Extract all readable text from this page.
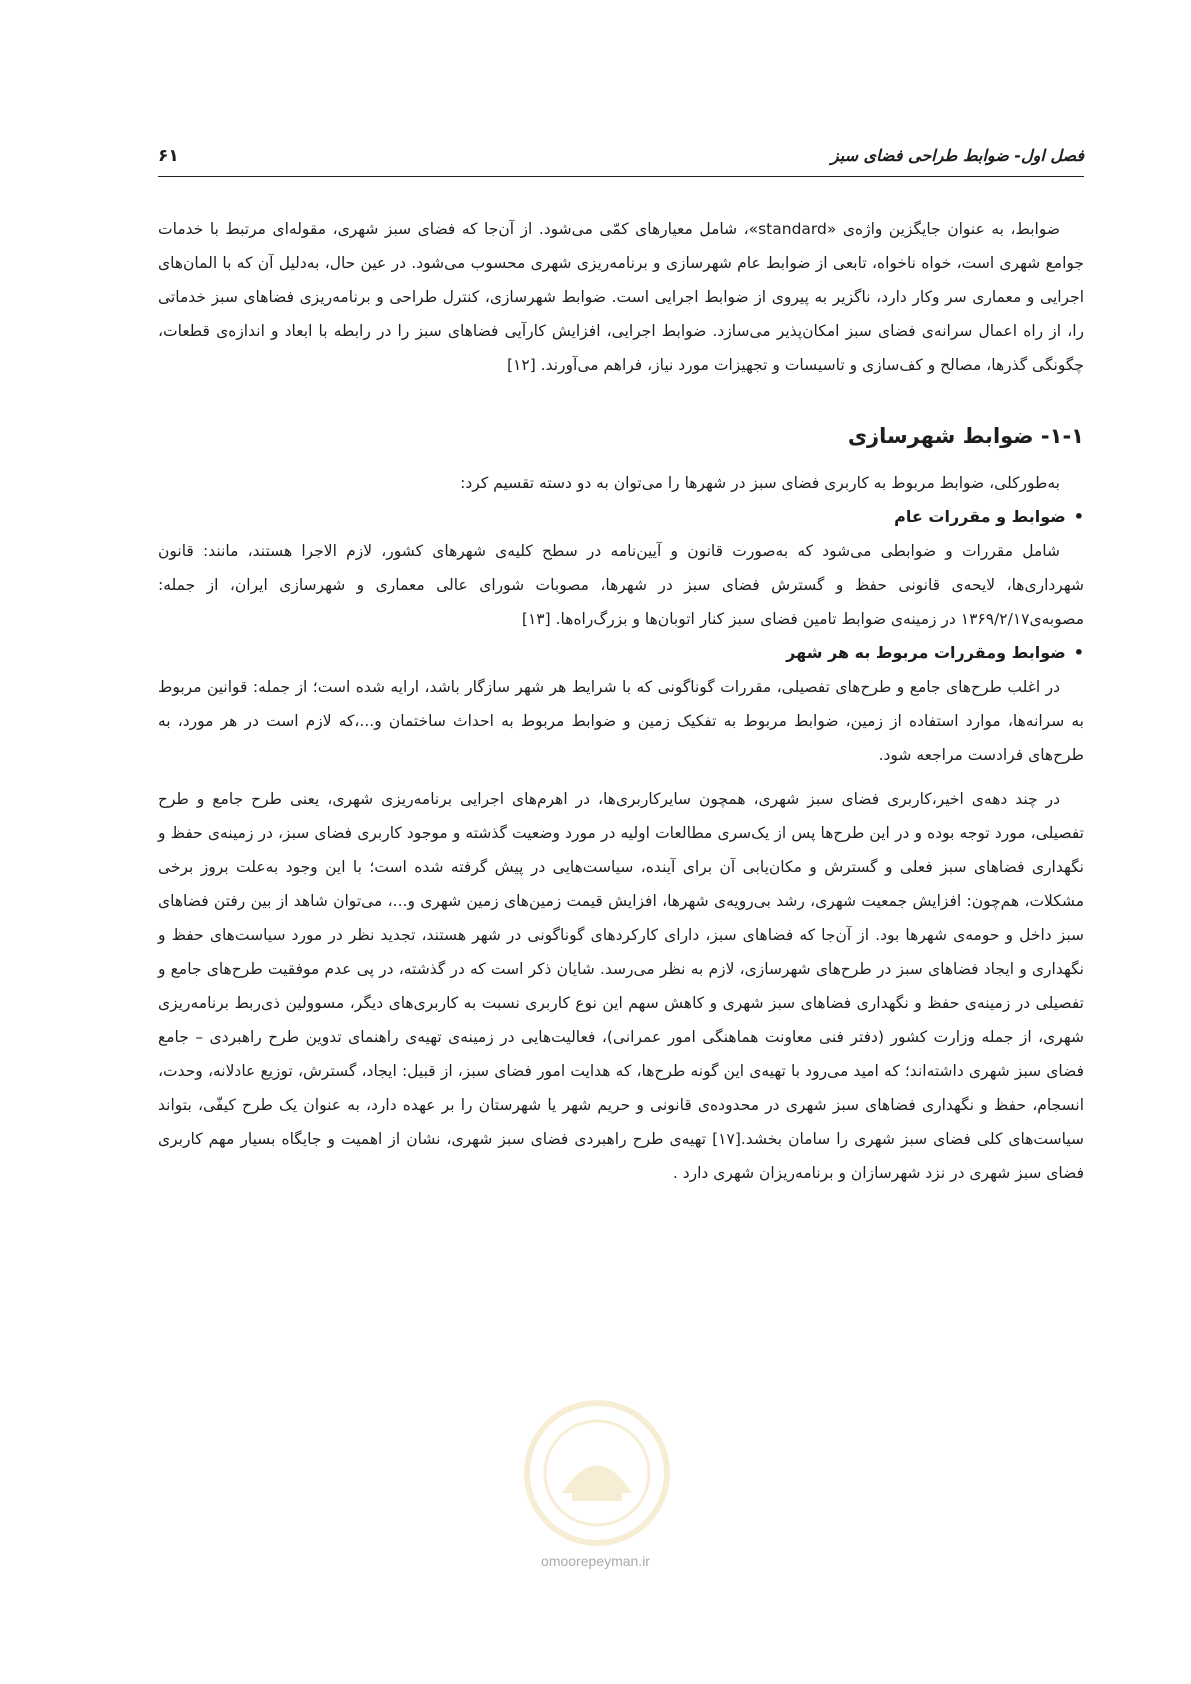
فصل اول- ضوابط طراحی فضای سبز
۶۱

ضوابط، به عنوان جایگزین واژه‌ی «standard»، شامل معیارهای کمّی می‌شود. از آن‌جا که فضای سبز شهری، مقوله‌ای مرتبط با خدمات جوامع شهری است، خواه ناخواه، تابعی از ضوابط عام شهرسازی و برنامه‌ریزی شهری محسوب می‌شود. در عین حال، به‌دلیل آن که با المان‌های اجرایی و معماری سر وکار دارد، ناگزیر به پیروی از ضوابط اجرایی است. ضوابط شهرسازی، کنترل طراحی و برنامه‌ریزی فضاهای سبز خدماتی را، از راه اعمال سرانه‌ی فضای سبز امکان‌پذیر می‌سازد. ضوابط اجرایی، افزایش کارآیی فضاهای سبز را در رابطه با ابعاد و اندازه‌ی قطعات، چگونگی گذرها، مصالح و کف‌سازی و تاسیسات و تجهیزات مورد نیاز، فراهم می‌آورند. [۱۲]

۱-۱- ضوابط شهرسازی

به‌طورکلی، ضوابط مربوط به کاربری فضای سبز در شهرها را می‌توان به دو دسته تقسیم کرد:

• ضوابط و مقررات عام

شامل مقررات و ضوابطی می‌شود که به‌صورت قانون و آیین‌نامه در سطح کلیه‌ی شهرهای کشور، لازم الاجرا هستند، مانند: قانون شهرداری‌ها، لایحه‌ی قانونی حفظ و گسترش فضای سبز در شهرها، مصوبات شورای عالی معماری و شهرسازی ایران، از جمله: مصوبه‌ی۱۳۶۹/۲/۱۷ در زمینه‌ی ضوابط تامین فضای سبز کنار اتوبان‌ها و بزرگ‌راه‌ها. [۱۳]

• ضوابط ومقررات مربوط به هر شهر

در اغلب طرح‌های جامع و طرح‌های تفصیلی، مقررات گوناگونی که با شرایط هر شهر سازگار باشد، ارایه شده است؛ از جمله: قوانین مربوط به سرانه‌ها، موارد استفاده از زمین، ضوابط مربوط به تفکیک زمین و ضوابط مربوط به احداث ساختمان و...،که لازم است در هر مورد، به طرح‌های فرادست مراجعه شود.

در چند دهه‌ی اخیر،کاربری فضای سبز شهری، همچون سایرکاربری‌ها، در اهرم‌های اجرایی برنامه‌ریزی شهری، یعنی طرح جامع و طرح تفصیلی، مورد توجه بوده و در این طرح‌ها پس از یک‌سری مطالعات اولیه در مورد وضعیت گذشته و موجود کاربری فضای سبز، در زمینه‌ی حفظ و نگهداری فضاهای سبز فعلی و گسترش و مکان‌یابی آن برای آینده، سیاست‌هایی در پیش گرفته شده است؛ با این وجود به‌علت بروز برخی مشکلات، هم‌چون: افزایش جمعیت شهری، رشد بی‌رویه‌ی شهرها، افزایش قیمت زمین‌های زمین شهری و...، می‌توان شاهد از بین رفتن فضاهای سبز داخل و حومه‌ی شهرها بود. از آن‌جا که فضاهای سبز، دارای کارکردهای گوناگونی در شهر هستند، تجدید نظر در مورد سیاست‌های حفظ و نگهداری و ایجاد فضاهای سبز در طرح‌های شهرسازی، لازم به نظر می‌رسد. شایان ذکر است که در گذشته، در پی عدم موفقیت طرح‌های جامع و تفصیلی در زمینه‌ی حفظ و نگهداری فضاهای سبز شهری و کاهش سهم این نوع کاربری نسبت به کاربری‌های دیگر، مسوولین ذی‌ربط برنامه‌ریزی شهری، از جمله وزارت کشور (دفتر فنی معاونت هماهنگی امور عمرانی)، فعالیت‌هایی در زمینه‌ی تهیه‌ی راهنمای تدوین طرح راهبردی – جامع فضای سبز شهری داشته‌اند؛ که امید می‌رود با تهیه‌ی این گونه طرح‌ها، که هدایت امور فضای سبز، از قبیل: ایجاد، گسترش، توزیع عادلانه، وحدت، انسجام، حفظ و نگهداری فضاهای سبز شهری در محدوده‌ی قانونی و حریم شهر یا شهرستان را بر عهده دارد، به عنوان یک طرح کیفّی، بتواند سیاست‌های کلی فضای سبز شهری را سامان بخشد.[۱۷] تهیه‌ی طرح راهبردی فضای سبز شهری، نشان از اهمیت و جایگاه بسیار مهم کاربری فضای سبز شهری در نزد شهرسازان و برنامه‌ریزان شهری دارد .

omoorepeyman.ir
